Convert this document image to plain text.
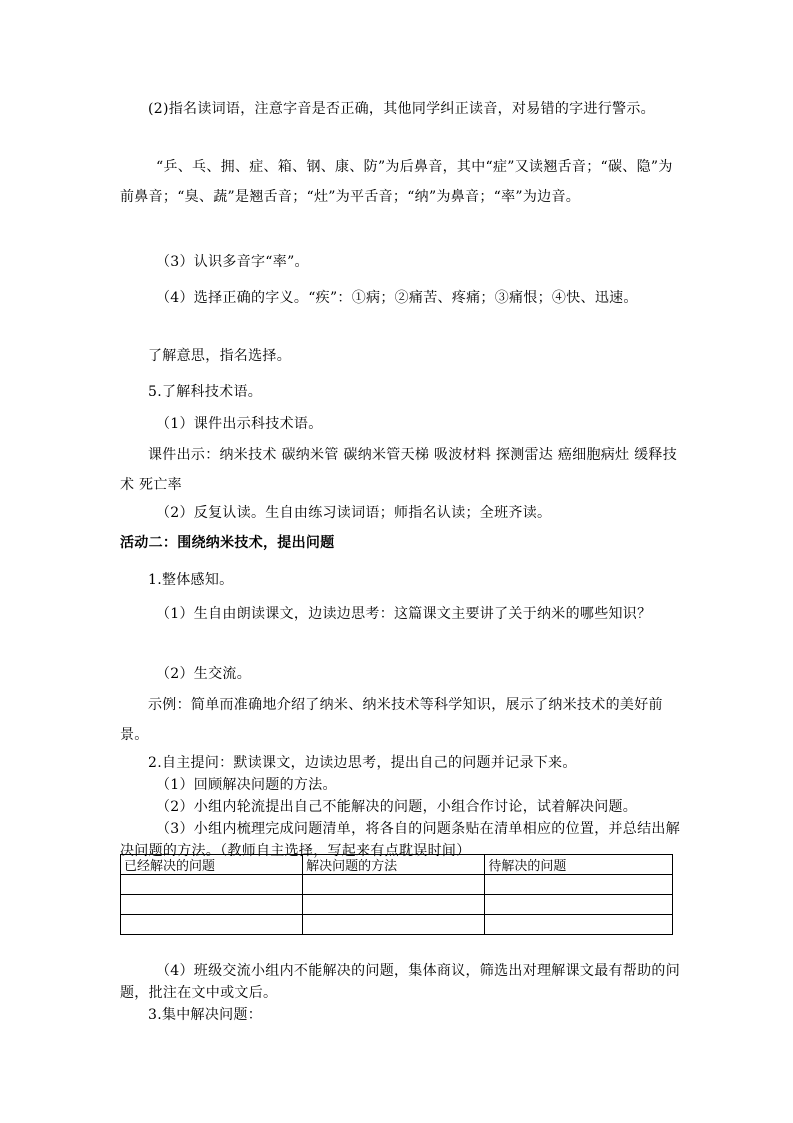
(2)指名读词语，注意字音是否正确，其他同学纠正读音，对易错的字进行警示。
“乒、乓、拥、症、箱、钢、康、防”为后鼻音，其中“症”又读翘舌音；“碳、隐”为前鼻音；“臭、蔬”是翘舌音；“灶”为平舌音；“纳”为鼻音；“率”为边音。
（3）认识多音字“率”。
（4）选择正确的字义。“疾”：①病；②痛苦、疼痛；③痛恨；④快、迅速。
了解意思，指名选择。
5.了解科技术语。
（1）课件出示科技术语。
课件出示：纳米技术 碳纳米管 碳纳米管天梯 吸波材料 探测雷达 癌细胞病灶 缓释技术 死亡率
（2）反复认读。生自由练习读词语；师指名认读；全班齐读。
活动二：围绕纳米技术，提出问题
1.整体感知。
（1）生自由朗读课文，边读边思考：这篇课文主要讲了关于纳米的哪些知识？
（2）生交流。
示例：简单而准确地介绍了纳米、纳米技术等科学知识，展示了纳米技术的美好前景。
2.自主提问：默读课文，边读边思考，提出自己的问题并记录下来。
（1）回顾解决问题的方法。
（2）小组内轮流提出自己不能解决的问题，小组合作讨论，试着解决问题。
（3）小组内梳理完成问题清单，将各自的问题条贴在清单相应的位置，并总结出解决问题的方法。（教师自主选择，写起来有点耽误时间）
已经解决的问题	解决问题的方法	待解决的问题

（4）班级交流小组内不能解决的问题，集体商议，筛选出对理解课文最有帮助的问题，批注在文中或文后。
3.集中解决问题：
